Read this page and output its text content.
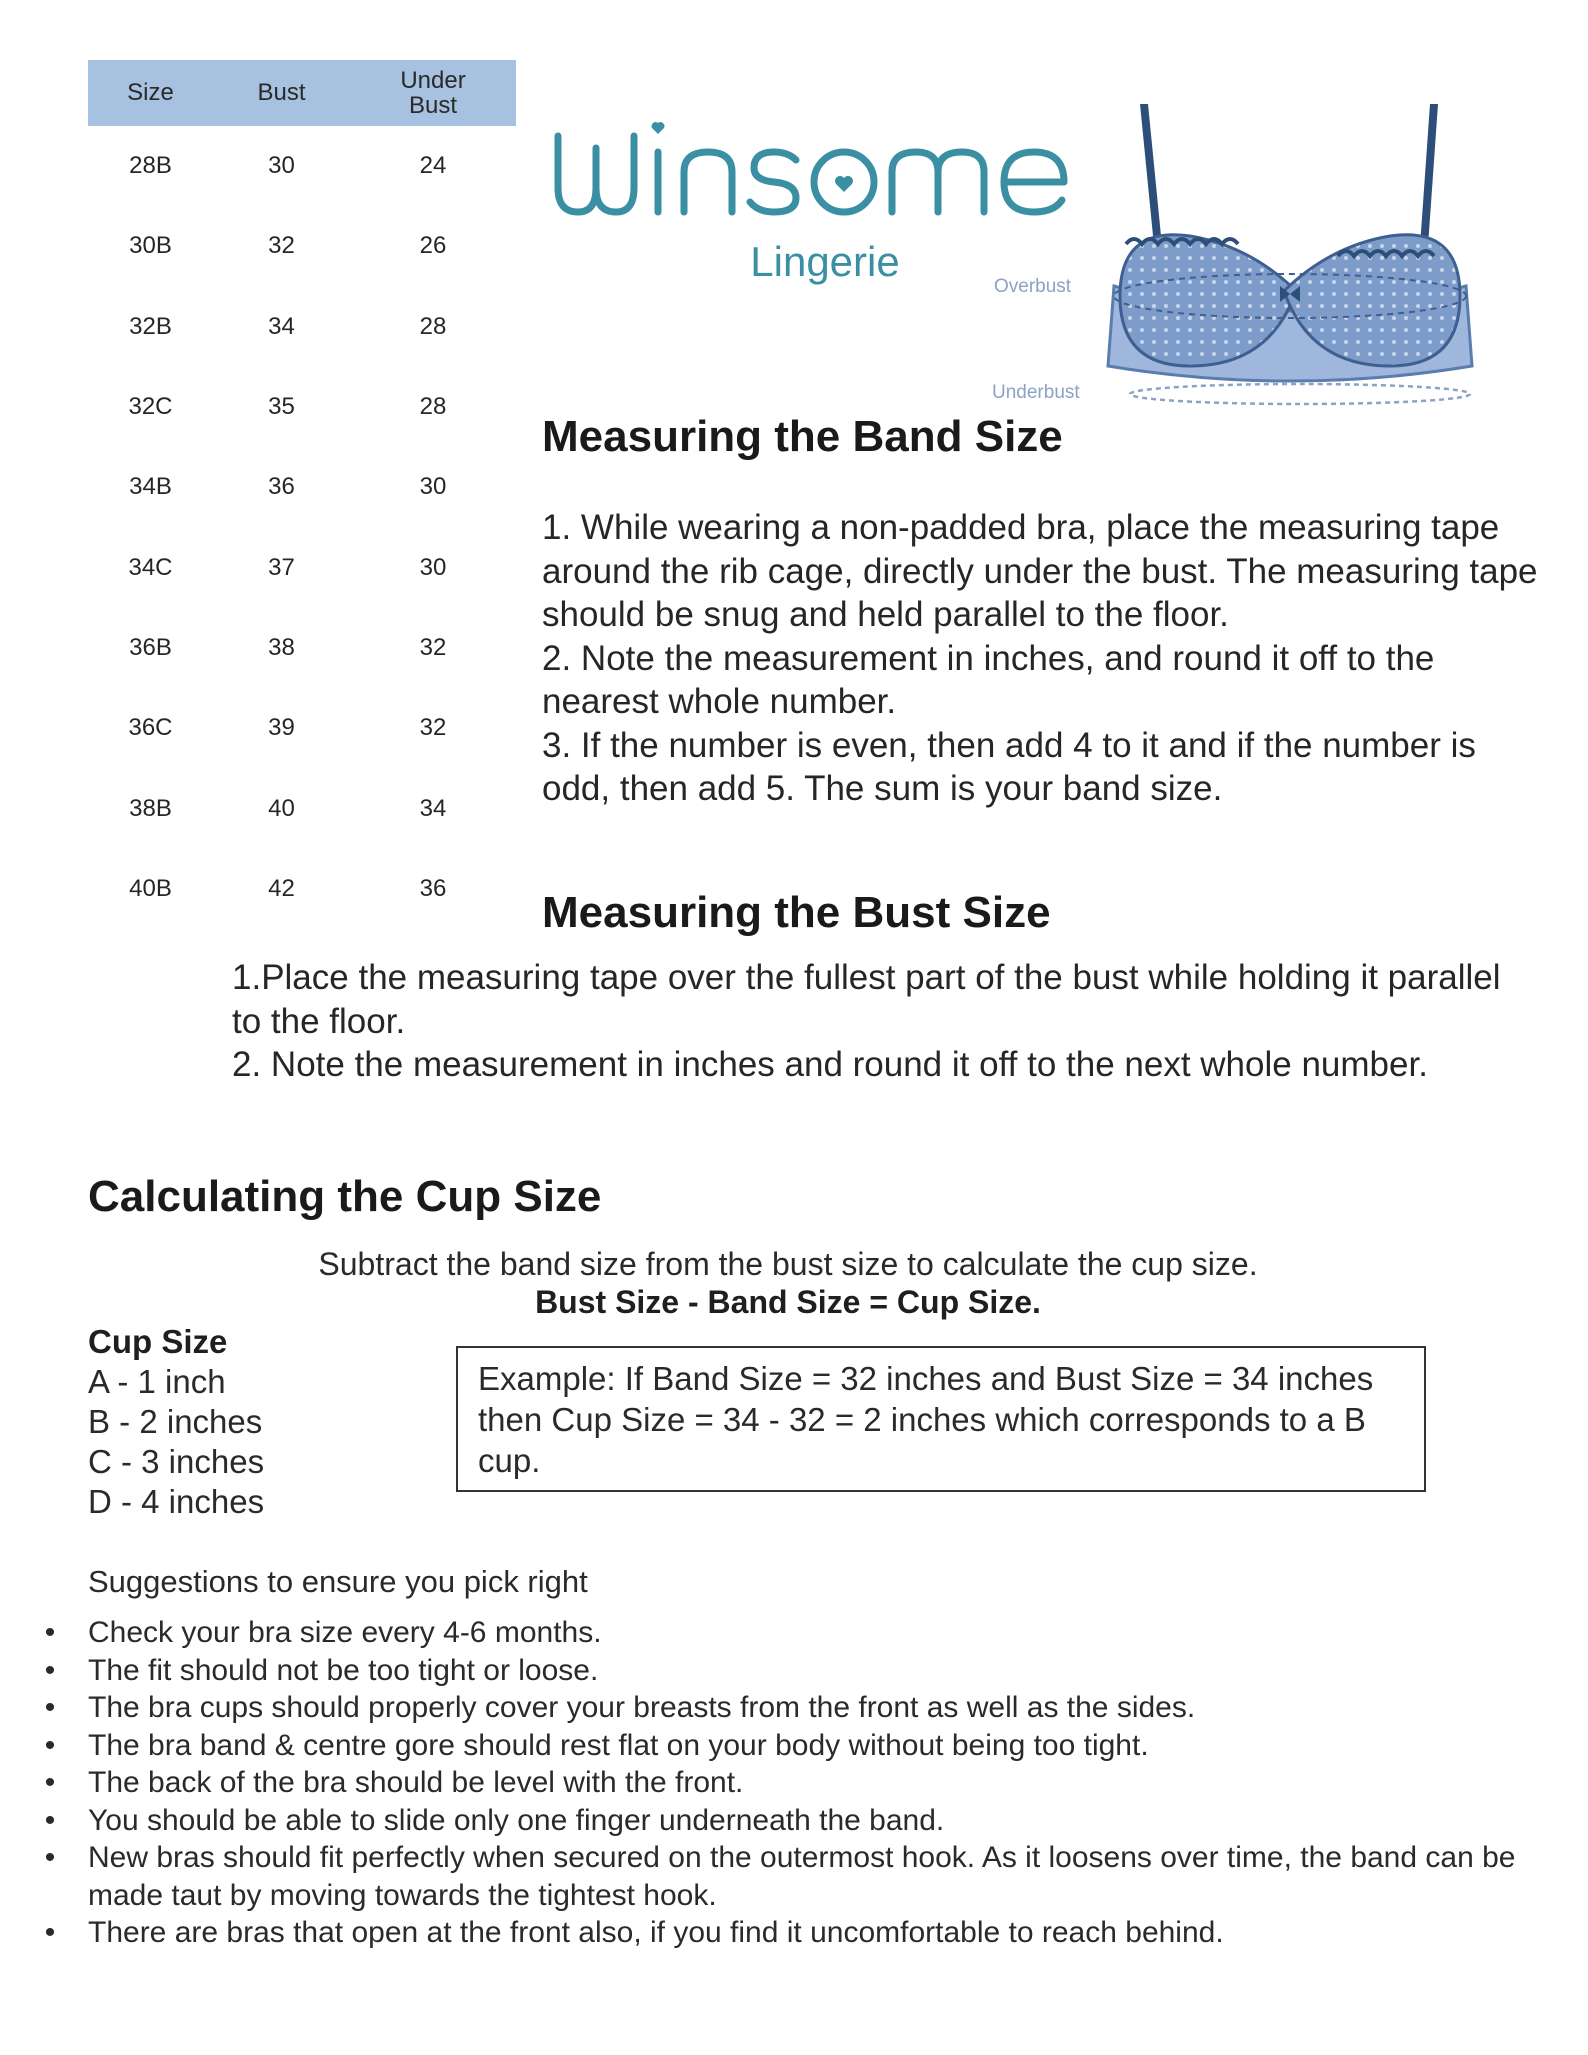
Size	Bust	Under Bust

28B	30	24
30B	32	26
32B	34	28
32C	35	28
34B	36	30
34C	37	30
36B	38	32
36C	39	32
38B	40	34
40B	42	36
Lingerie
Overbust
Underbust
Measuring the Band Size

1. While wearing a non-padded bra, place the measuring tape around the rib cage, directly under the bust. The measuring tape should be snug and held parallel to the floor.

2. Note the measurement in inches, and round it off to the nearest whole number.

3. If the number is even, then add 4 to it and if the number is odd, then add 5. The sum is your band size.

Measuring the Bust Size

1.Place the measuring tape over the fullest part of the bust while holding it parallel to the floor.

2. Note the measurement in inches and round it off to the next whole number.

Calculating the Cup Size
Subtract the band size from the bust size to calculate the cup size.
Bust Size - Band Size = Cup Size.
Cup Size
A - 1 inch
B - 2 inches
C - 3 inches
D - 4 inches
Example: If Band Size = 32 inches and Bust Size = 34 inches then Cup Size = 34 - 32 = 2 inches which corresponds to a B cup.
Suggestions to ensure you pick right
• Check your bra size every 4-6 months.
• The fit should not be too tight or loose.
• The bra cups should properly cover your breasts from the front as well as the sides.
• The bra band & centre gore should rest flat on your body without being too tight.
• The back of the bra should be level with the front.
• You should be able to slide only one finger underneath the band.
• New bras should fit perfectly when secured on the outermost hook. As it loosens over time, the band can be made taut by moving towards the tightest hook.
• There are bras that open at the front also, if you find it uncomfortable to reach behind.
